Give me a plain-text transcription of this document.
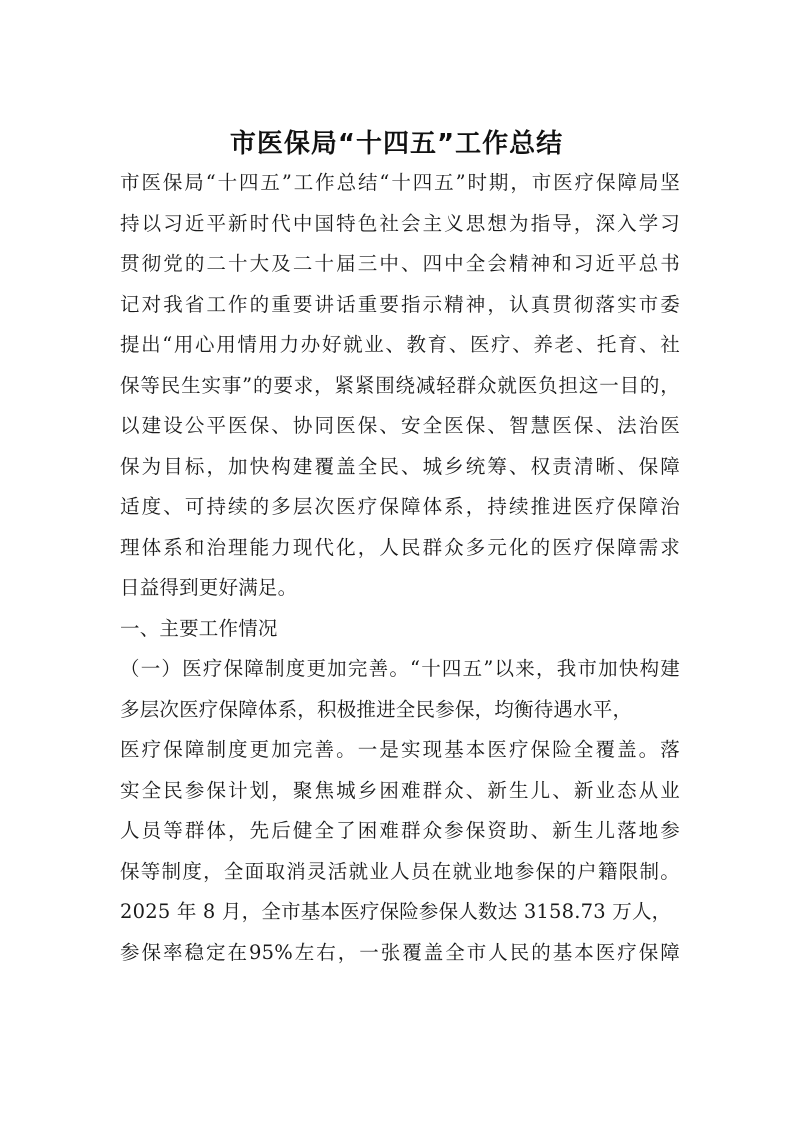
市医保局“十四五”工作总结
市医保局“十四五”工作总结“十四五”时期，市医疗保障局坚
持以习近平新时代中国特色社会主义思想为指导，深入学习
贯彻党的二十大及二十届三中、四中全会精神和习近平总书
记对我省工作的重要讲话重要指示精神，认真贯彻落实市委
提出“用心用情用力办好就业、教育、医疗、养老、托育、社
保等民生实事”的要求，紧紧围绕减轻群众就医负担这一目的，
以建设公平医保、协同医保、安全医保、智慧医保、法治医
保为目标，加快构建覆盖全民、城乡统筹、权责清晰、保障
适度、可持续的多层次医疗保障体系，持续推进医疗保障治
理体系和治理能力现代化，人民群众多元化的医疗保障需求
日益得到更好满足。
一、主要工作情况
（一）医疗保障制度更加完善。“十四五”以来，我市加快构建
多层次医疗保障体系，积极推进全民参保，均衡待遇水平，
医疗保障制度更加完善。一是实现基本医疗保险全覆盖。落
实全民参保计划，聚焦城乡困难群众、新生儿、新业态从业
人员等群体，先后健全了困难群众参保资助、新生儿落地参
保等制度，全面取消灵活就业人员在就业地参保的户籍限制。
2025 年 8 月，全市基本医疗保险参保人数达 3158.73 万人，
参保率稳定在95%左右，一张覆盖全市人民的基本医疗保障
